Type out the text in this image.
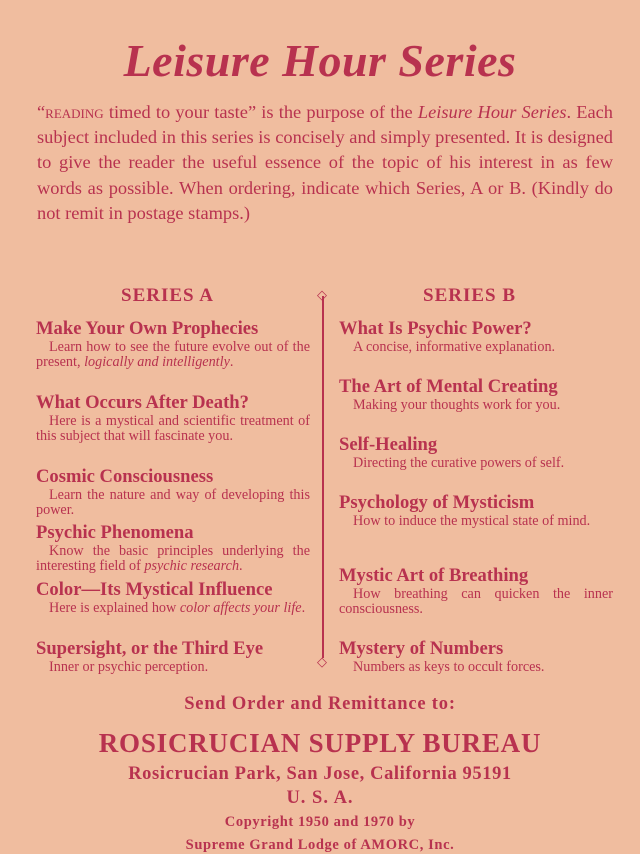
Leisure Hour Series
“reading timed to your taste” is the purpose of the Leisure Hour Series. Each subject included in this series is concisely and simply presented. It is designed to give the reader the useful essence of the topic of his interest in as few words as possible. When ordering, indicate which Series, A or B. (Kindly do not remit in postage stamps.)
SERIES A	SERIES B
◇
◇
Make Your Own Prophecies
Learn how to see the future evolve out of the present, logically and intelligently.
What Occurs After Death?
Here is a mystical and scientific treatment of this subject that will fascinate you.
Cosmic Consciousness
Learn the nature and way of developing this power.
Psychic Phenomena
Know the basic principles underlying the interesting field of psychic research.
Color—Its Mystical Influence
Here is explained how color affects your life.
Supersight, or the Third Eye
Inner or psychic perception.
What Is Psychic Power?
A concise, informative explanation.
The Art of Mental Creating
Making your thoughts work for you.
Self-Healing
Directing the curative powers of self.
Psychology of Mysticism
How to induce the mystical state of mind.
Mystic Art of Breathing
How breathing can quicken the inner consciousness.
Mystery of Numbers
Numbers as keys to occult forces.
Send Order and Remittance to:
ROSICRUCIAN SUPPLY BUREAU
Rosicrucian Park, San Jose, California 95191
U. S. A.
Copyright 1950 and 1970 by
Supreme Grand Lodge of AMORC, Inc.
